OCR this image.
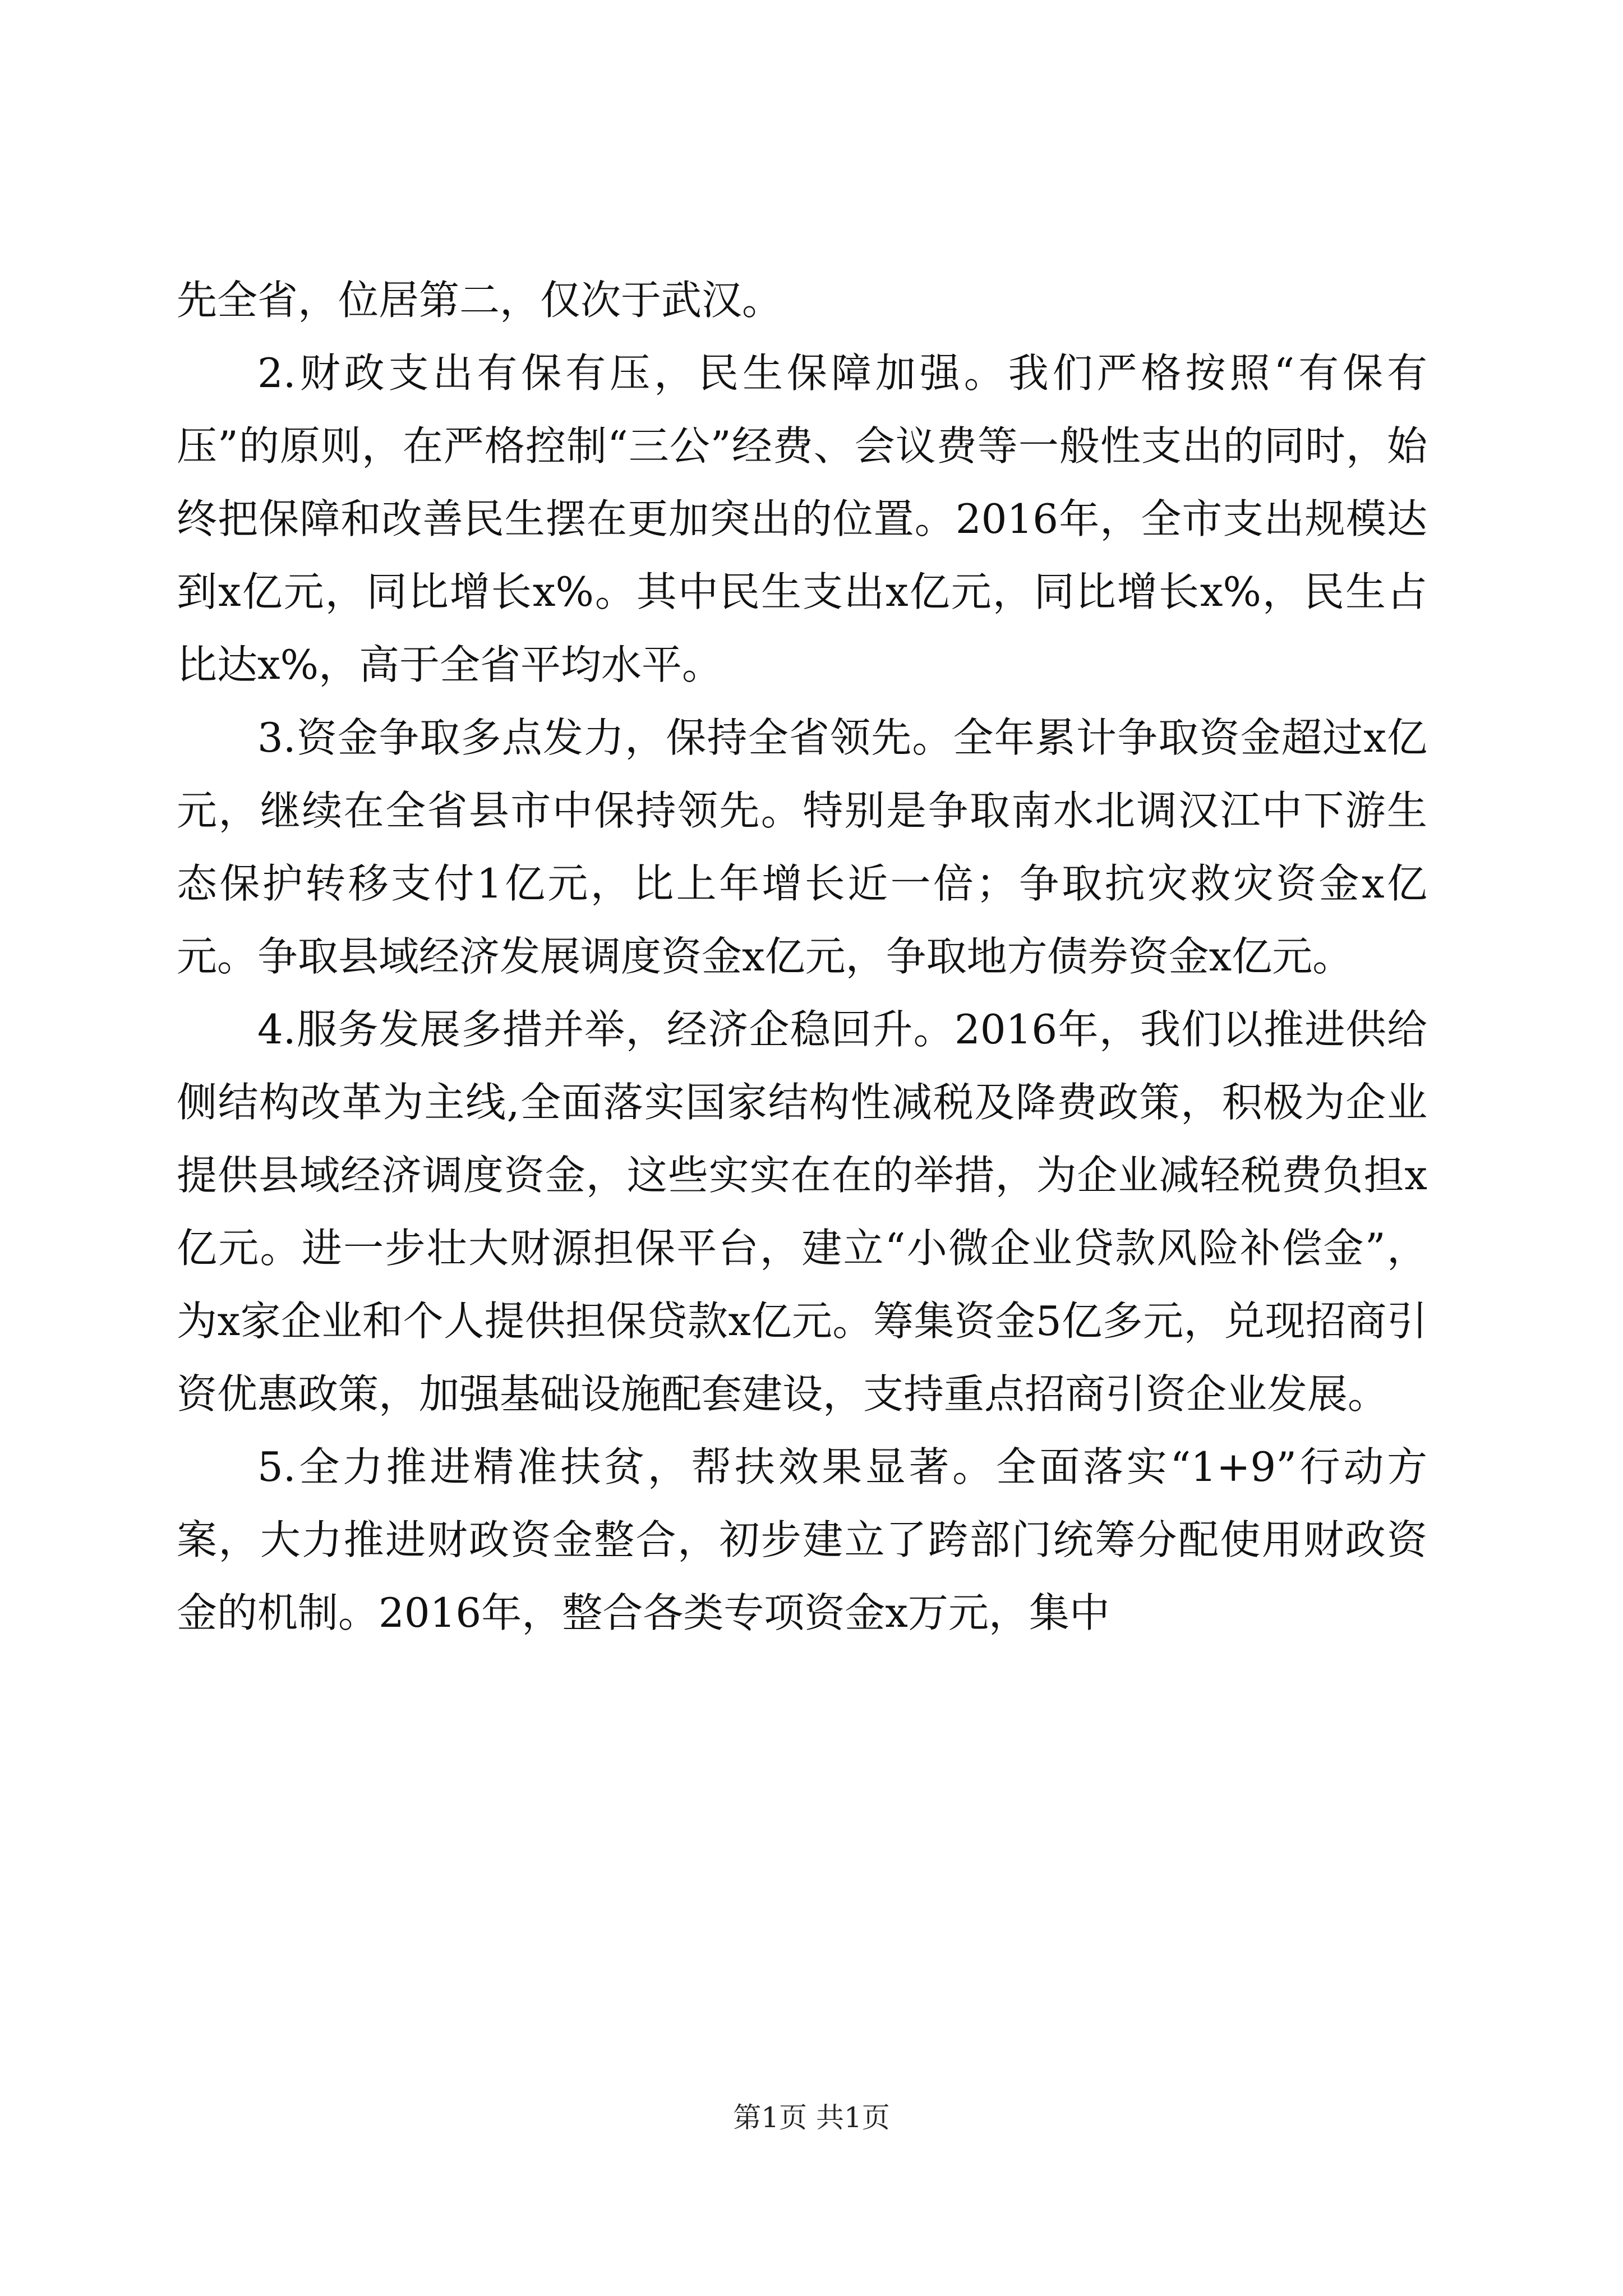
先全省，位居第二，仅次于武汉。

2.财政支出有保有压，民生保障加强。我们严格按照“有保有压”的原则，在严格控制“三公”经费、会议费等一般性支出的同时，始终把保障和改善民生摆在更加突出的位置。2016年，全市支出规模达到x亿元，同比增长x%。其中民生支出x亿元，同比增长x%，民生占比达x%，高于全省平均水平。

3.资金争取多点发力，保持全省领先。全年累计争取资金超过x亿元，继续在全省县市中保持领先。特别是争取南水北调汉江中下游生态保护转移支付1亿元，比上年增长近一倍；争取抗灾救灾资金x亿元。争取县域经济发展调度资金x亿元，争取地方债券资金x亿元。

4.服务发展多措并举，经济企稳回升。2016年，我们以推进供给侧结构改革为主线,全面落实国家结构性减税及降费政策，积极为企业提供县域经济调度资金，这些实实在在的举措，为企业减轻税费负担x亿元。进一步壮大财源担保平台，建立“小微企业贷款风险补偿金”，为x家企业和个人提供担保贷款x亿元。筹集资金5亿多元，兑现招商引资优惠政策，加强基础设施配套建设，支持重点招商引资企业发展。

5.全力推进精准扶贫，帮扶效果显著。全面落实“1+9”行动方案，大力推进财政资金整合，初步建立了跨部门统筹分配使用财政资金的机制。2016年，整合各类专项资金x万元，集中

第1页 共1页
